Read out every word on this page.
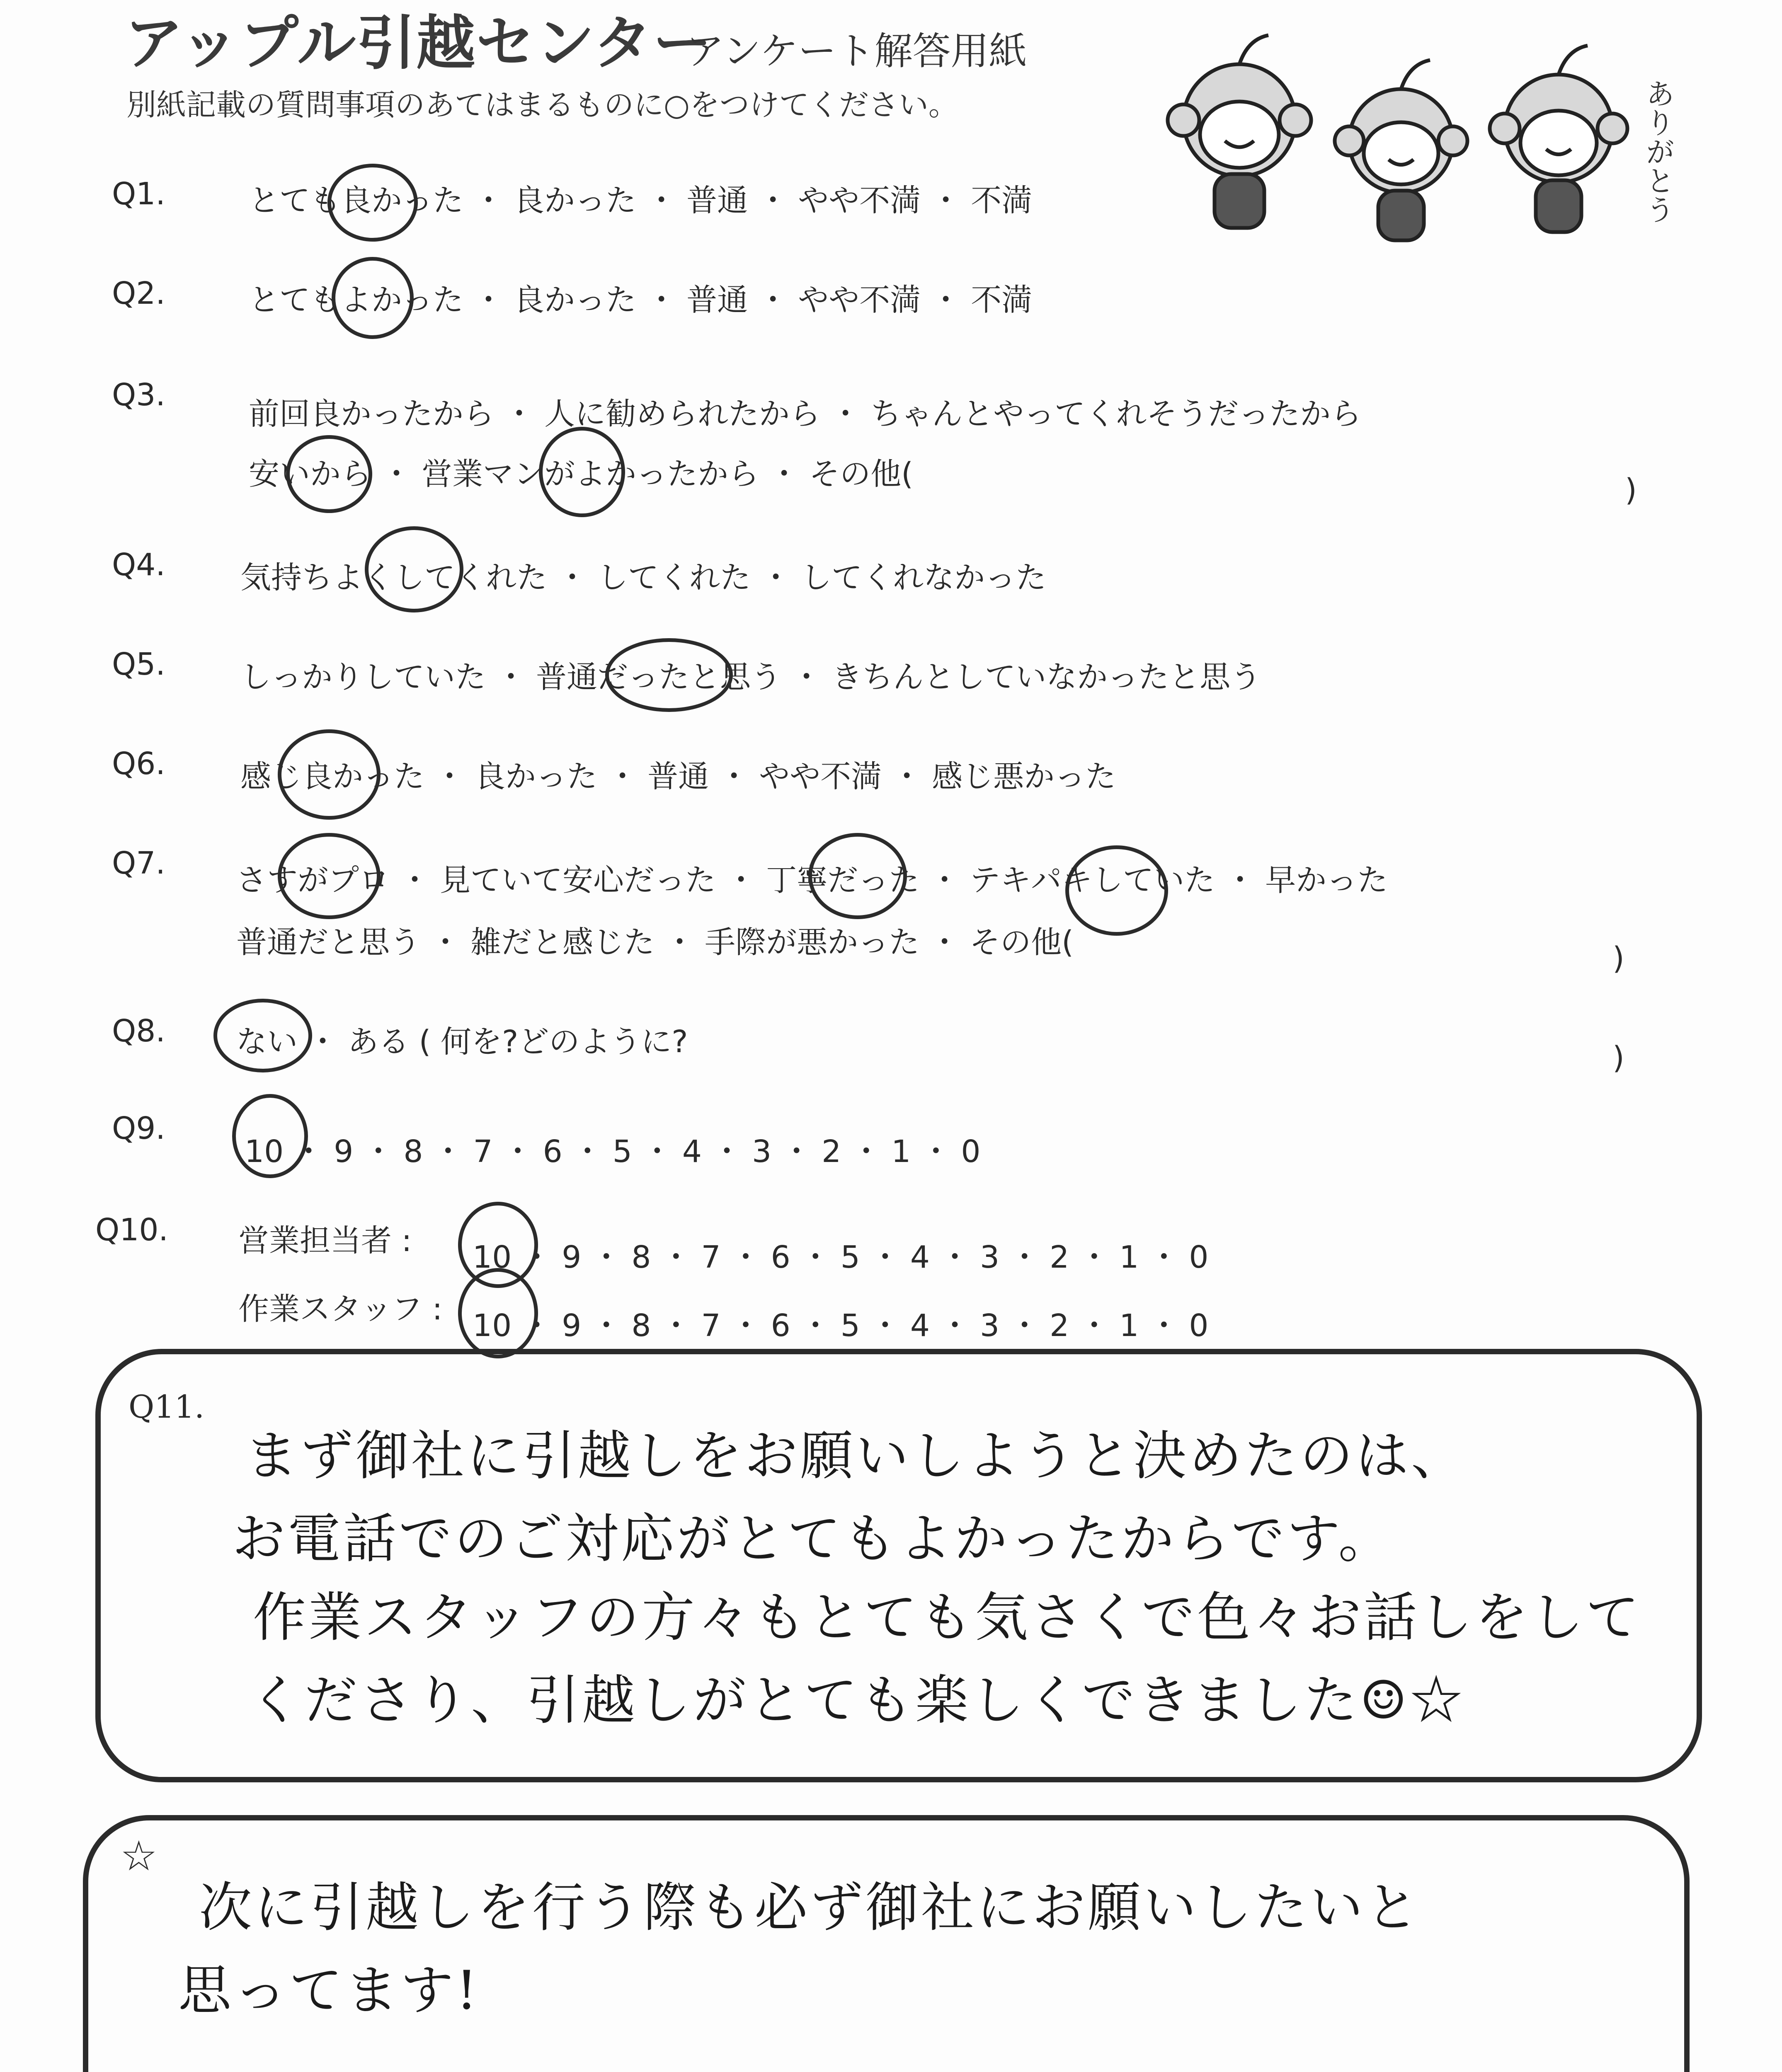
アップル引越センター
アンケート解答用紙
別紙記載の質問事項のあてはまるものに○をつけてください。	ありがとう
Q1.	とても良かった ・ 良かった ・ 普通 ・ やや不満 ・ 不満
Q2.	とてもよかった ・ 良かった ・ 普通 ・ やや不満 ・ 不満
Q3.
前回良かったから ・ 人に勧められたから ・ ちゃんとやってくれそうだったから
安いから ・ 営業マンがよかったから ・ その他(	)
Q4. 気持ちよくしてくれた ・ してくれた ・ してくれなかった
Q5. しっかりしていた ・ 普通だったと思う ・ きちんとしていなかったと思う
Q6. 感じ良かった ・ 良かった ・ 普通 ・ やや不満 ・ 感じ悪かった
Q7. さすがプロ ・ 見ていて安心だった ・ 丁寧だった ・ テキパキしていた ・ 早かった
普通だと思う ・ 雑だと感じた ・ 手際が悪かった ・ その他(	)
Q8. ない ・ ある ( 何を?どのように?	)
Q9.
10 ・ 9 ・ 8 ・ 7 ・ 6 ・ 5 ・ 4 ・ 3 ・ 2 ・ 1 ・ 0
Q10. 営業担当者 : 10 ・ 9 ・ 8 ・ 7 ・ 6 ・ 5 ・ 4 ・ 3 ・ 2 ・ 1 ・ 0
作業スタッフ : 10 ・ 9 ・ 8 ・ 7 ・ 6 ・ 5 ・ 4 ・ 3 ・ 2 ・ 1 ・ 0
Q11.
まず御社に引越しをお願いしようと決めたのは、
お電話でのご対応がとてもよかったからです。
作業スタッフの方々もとても気さくで色々お話しをして
くださり、引越しがとても楽しくできました☺☆
☆
次に引越しを行う際も必ず御社にお願いしたいと
思ってます!
